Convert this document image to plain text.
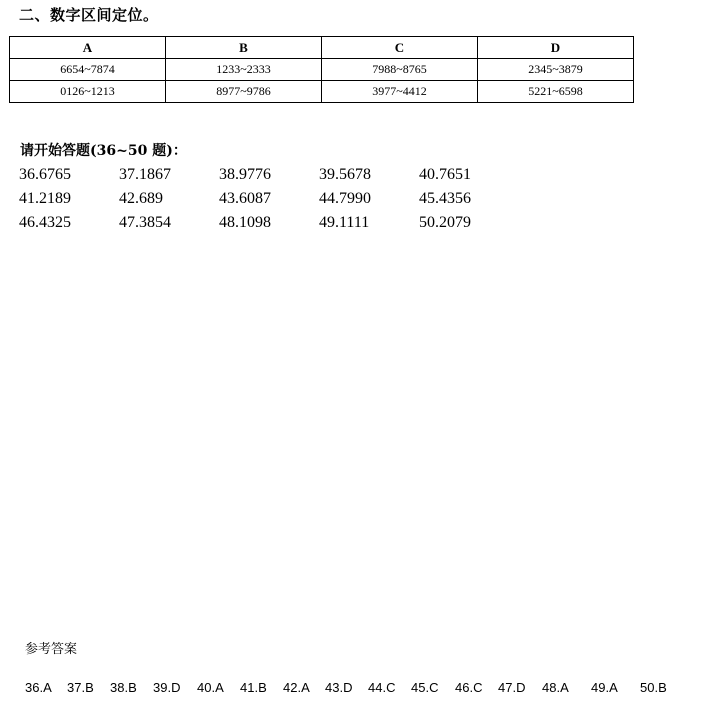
二、数字区间定位。
A	B	C	D
6654~7874	1233~2333	7988~8765	2345~3879
0126~1213	8977~9786	3977~4412	5221~6598
请开始答题(36~50 题)：
36.6765	37.1867	38.9776	39.5678	40.7651
41.2189	42.689	43.6087	44.7990	45.4356
46.4325	47.3854	48.1098	49.1111	50.2079
参考答案
36.A 37.B 38.B 39.D 40.A 41.B 42.A 43.D 44.C 45.C 46.C 47.D 48.A 49.A 50.B
